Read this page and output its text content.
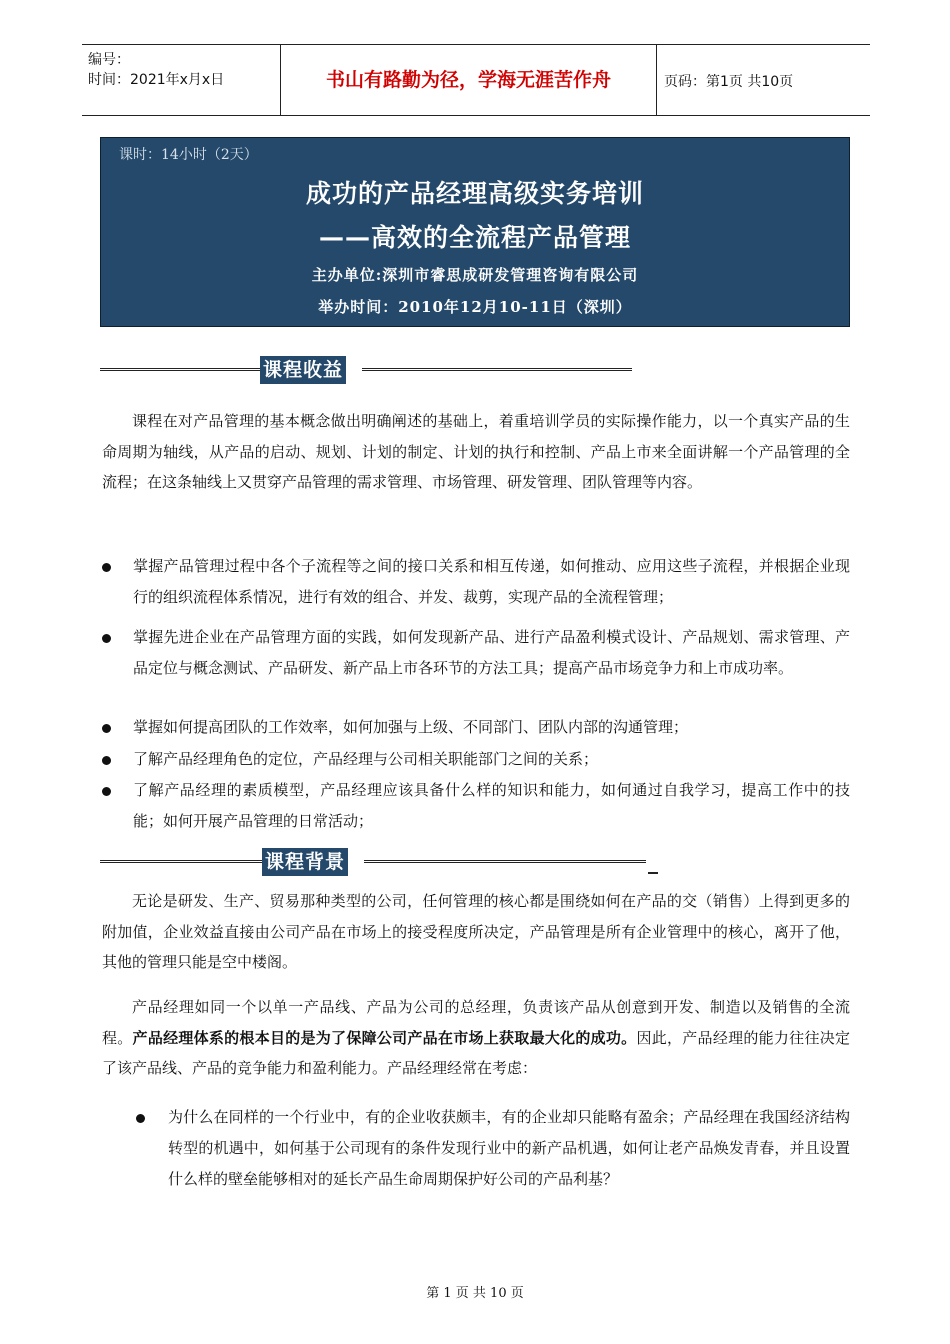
编号：
时间：2021年x月x日	书山有路勤为径，学海无涯苦作舟	页码：第1页 共10页
课时：14小时（2天）
成功的产品经理高级实务培训
——高效的全流程产品管理
主办单位:深圳市睿思成研发管理咨询有限公司
举办时间：2010年12月10-11日（深圳）
课程收益
课程在对产品管理的基本概念做出明确阐述的基础上，着重培训学员的实际操作能力，以一个真实产品的生命周期为轴线，从产品的启动、规划、计划的制定、计划的执行和控制、产品上市来全面讲解一个产品管理的全流程；在这条轴线上又贯穿产品管理的需求管理、市场管理、研发管理、团队管理等内容。
掌握产品管理过程中各个子流程等之间的接口关系和相互传递，如何推动、应用这些子流程，并根据企业现行的组织流程体系情况，进行有效的组合、并发、裁剪，实现产品的全流程管理；
掌握先进企业在产品管理方面的实践，如何发现新产品、进行产品盈利模式设计、产品规划、需求管理、产品定位与概念测试、产品研发、新产品上市各环节的方法工具；提高产品市场竞争力和上市成功率。
掌握如何提高团队的工作效率，如何加强与上级、不同部门、团队内部的沟通管理；
了解产品经理角色的定位，产品经理与公司相关职能部门之间的关系；
了解产品经理的素质模型，产品经理应该具备什么样的知识和能力，如何通过自我学习，提高工作中的技能；如何开展产品管理的日常活动；
课程背景
无论是研发、生产、贸易那种类型的公司，任何管理的核心都是围绕如何在产品的交（销售）上得到更多的附加值，企业效益直接由公司产品在市场上的接受程度所决定，产品管理是所有企业管理中的核心，离开了他，其他的管理只能是空中楼阁。
产品经理如同一个以单一产品线、产品为公司的总经理，负责该产品从创意到开发、制造以及销售的全流程。产品经理体系的根本目的是为了保障公司产品在市场上获取最大化的成功。因此，产品经理的能力往往决定了该产品线、产品的竞争能力和盈利能力。产品经理经常在考虑：
为什么在同样的一个行业中，有的企业收获颇丰，有的企业却只能略有盈余；产品经理在我国经济结构转型的机遇中，如何基于公司现有的条件发现行业中的新产品机遇，如何让老产品焕发青春，并且设置什么样的壁垒能够相对的延长产品生命周期保护好公司的产品利基？
第 1 页 共 10 页
